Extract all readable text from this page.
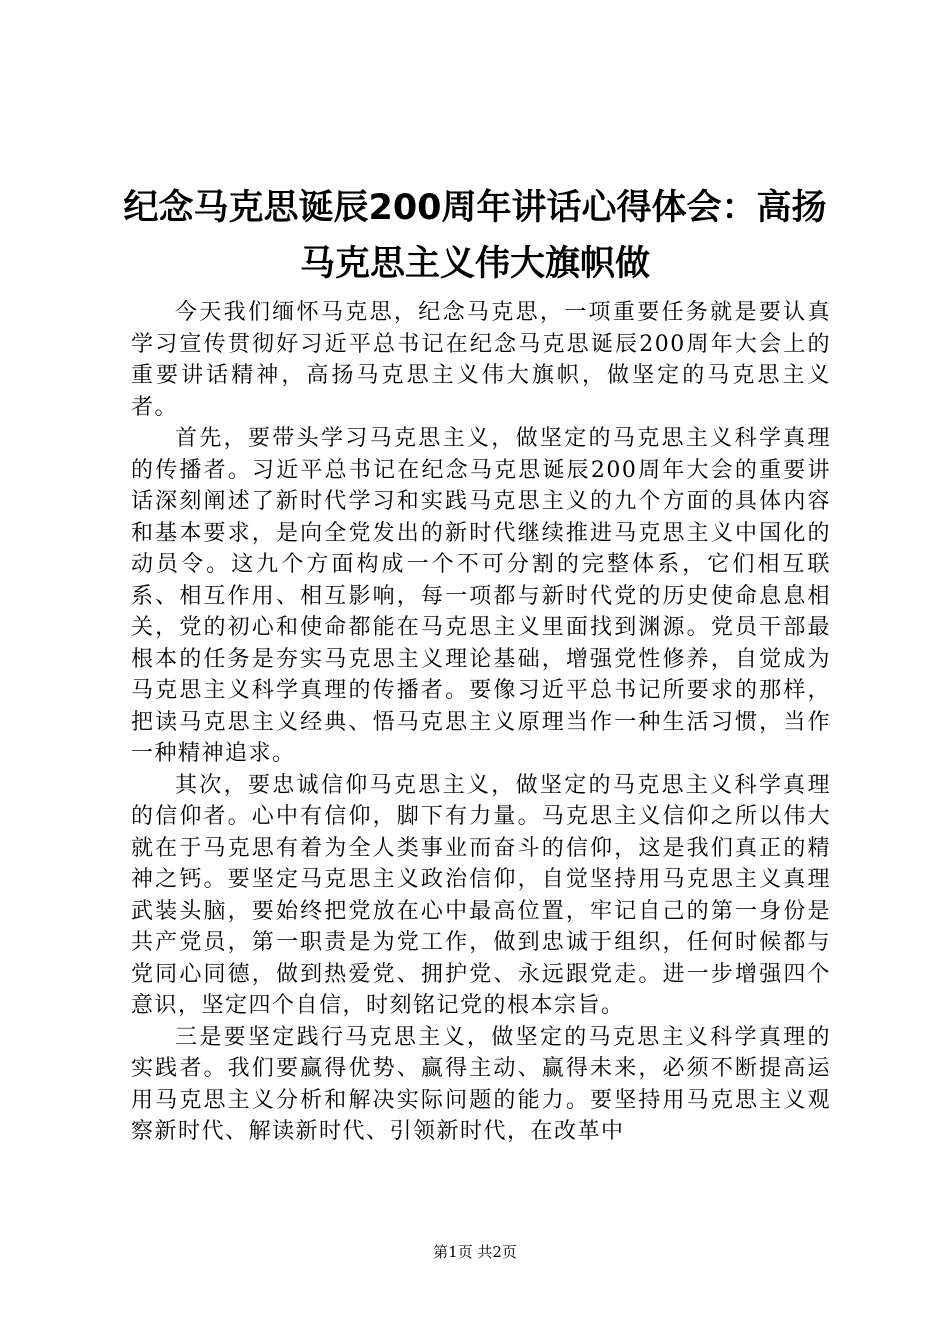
纪念马克思诞辰200周年讲话心得体会：高扬
马克思主义伟大旗帜做

今天我们缅怀马克思，纪念马克思，一项重要任务就是要认真学习宣传贯彻好习近平总书记在纪念马克思诞辰200周年大会上的重要讲话精神，高扬马克思主义伟大旗帜，做坚定的马克思主义者。

首先，要带头学习马克思主义，做坚定的马克思主义科学真理的传播者。习近平总书记在纪念马克思诞辰200周年大会的重要讲话深刻阐述了新时代学习和实践马克思主义的九个方面的具体内容和基本要求，是向全党发出的新时代继续推进马克思主义中国化的动员令。这九个方面构成一个不可分割的完整体系，它们相互联系、相互作用、相互影响，每一项都与新时代党的历史使命息息相关，党的初心和使命都能在马克思主义里面找到渊源。党员干部最根本的任务是夯实马克思主义理论基础，增强党性修养，自觉成为马克思主义科学真理的传播者。要像习近平总书记所要求的那样，把读马克思主义经典、悟马克思主义原理当作一种生活习惯，当作一种精神追求。

其次，要忠诚信仰马克思主义，做坚定的马克思主义科学真理的信仰者。心中有信仰，脚下有力量。马克思主义信仰之所以伟大就在于马克思有着为全人类事业而奋斗的信仰，这是我们真正的精神之钙。要坚定马克思主义政治信仰，自觉坚持用马克思主义真理武装头脑，要始终把党放在心中最高位置，牢记自己的第一身份是共产党员，第一职责是为党工作，做到忠诚于组织，任何时候都与党同心同德，做到热爱党、拥护党、永远跟党走。进一步增强四个意识，坚定四个自信，时刻铭记党的根本宗旨。

三是要坚定践行马克思主义，做坚定的马克思主义科学真理的实践者。我们要赢得优势、赢得主动、赢得未来，必须不断提高运用马克思主义分析和解决实际问题的能力。要坚持用马克思主义观察新时代、解读新时代、引领新时代，在改革中

第1页 共2页
